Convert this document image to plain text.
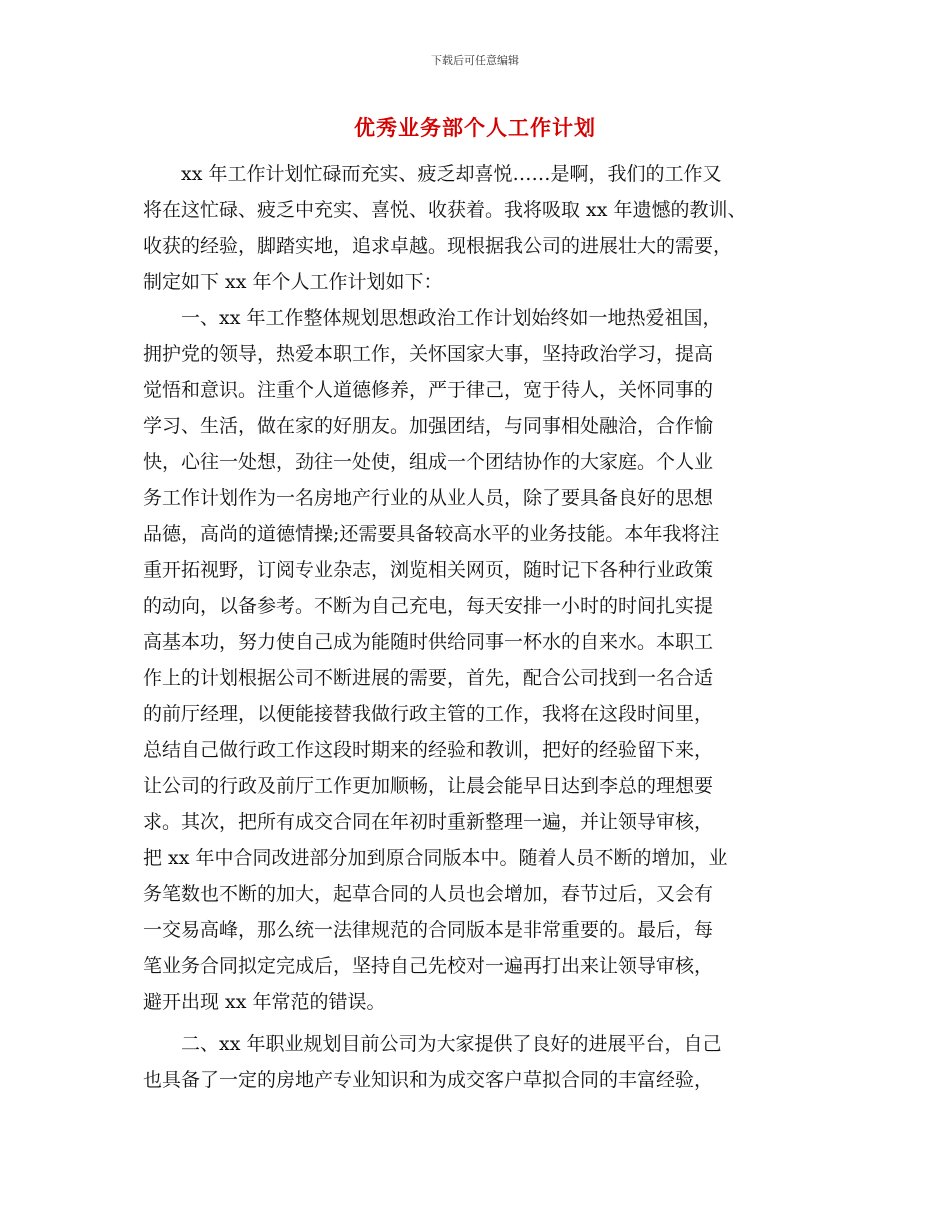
下载后可任意编辑
优秀业务部个人工作计划
　　xx 年工作计划忙碌而充实、疲乏却喜悦……是啊，我们的工作又
将在这忙碌、疲乏中充实、喜悦、收获着。我将吸取 xx 年遗憾的教训、
收获的经验，脚踏实地，追求卓越。现根据我公司的进展壮大的需要，
制定如下 xx 年个人工作计划如下：
　　一、xx 年工作整体规划思想政治工作计划始终如一地热爱祖国，
拥护党的领导，热爱本职工作，关怀国家大事，坚持政治学习，提高
觉悟和意识。注重个人道德修养，严于律己，宽于待人，关怀同事的
学习、生活，做在家的好朋友。加强团结，与同事相处融洽，合作愉
快，心往一处想，劲往一处使，组成一个团结协作的大家庭。个人业
务工作计划作为一名房地产行业的从业人员，除了要具备良好的思想
品德，高尚的道德情操;还需要具备较高水平的业务技能。本年我将注
重开拓视野，订阅专业杂志，浏览相关网页，随时记下各种行业政策
的动向，以备参考。不断为自己充电，每天安排一小时的时间扎实提
高基本功，努力使自己成为能随时供给同事一杯水的自来水。本职工
作上的计划根据公司不断进展的需要，首先，配合公司找到一名合适
的前厅经理，以便能接替我做行政主管的工作，我将在这段时间里，
总结自己做行政工作这段时期来的经验和教训，把好的经验留下来，
让公司的行政及前厅工作更加顺畅，让晨会能早日达到李总的理想要
求。其次，把所有成交合同在年初时重新整理一遍，并让领导审核，
把 xx 年中合同改进部分加到原合同版本中。随着人员不断的增加，业
务笔数也不断的加大，起草合同的人员也会增加，春节过后，又会有
一交易高峰，那么统一法律规范的合同版本是非常重要的。最后，每
笔业务合同拟定完成后，坚持自己先校对一遍再打出来让领导审核，
避开出现 xx 年常范的错误。
　　二、xx 年职业规划目前公司为大家提供了良好的进展平台，自己
也具备了一定的房地产专业知识和为成交客户草拟合同的丰富经验，
